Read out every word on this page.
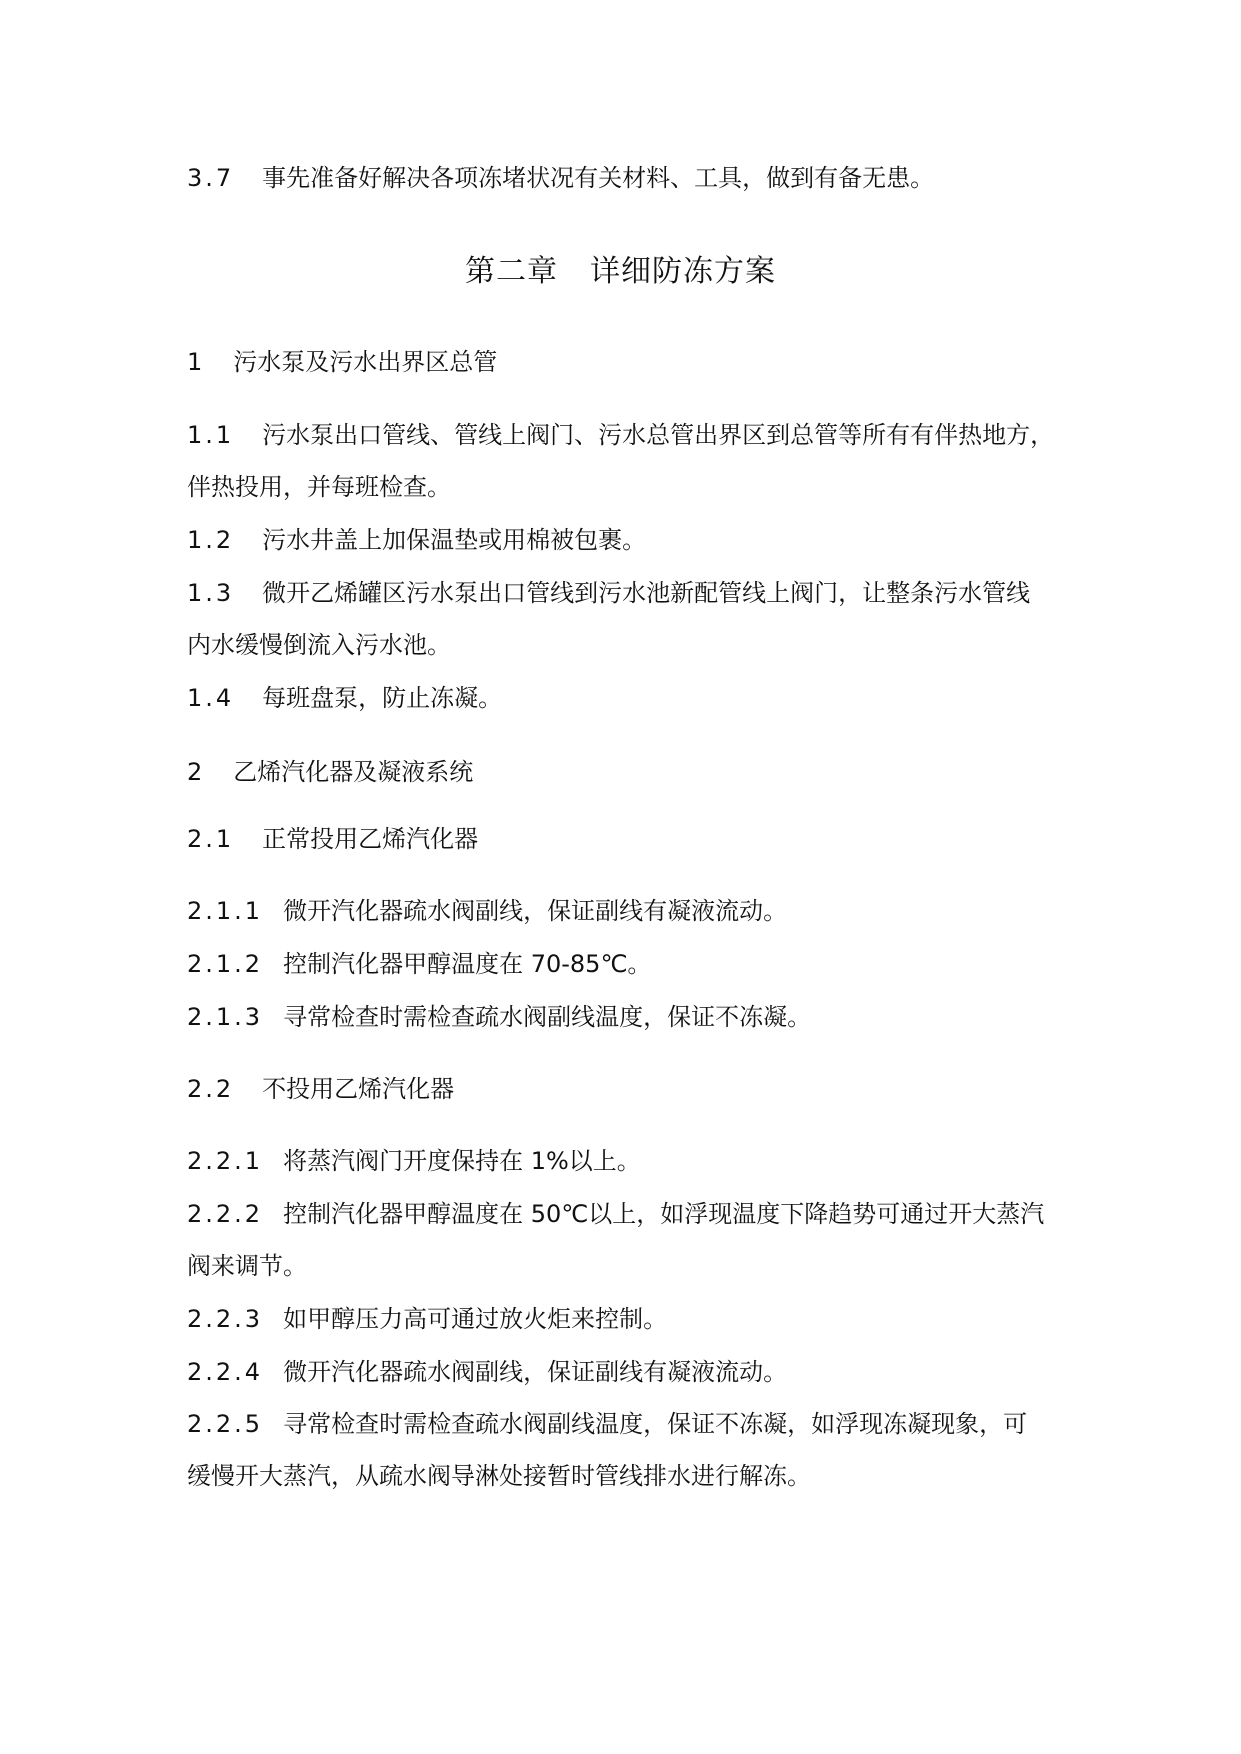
3.7 事先准备好解决各项冻堵状况有关材料、工具，做到有备无患。
第二章 详细防冻方案
1 污水泵及污水出界区总管
1.1 污水泵出口管线、管线上阀门、污水总管出界区到总管等所有有伴热地方，
伴热投用，并每班检查。
1.2 污水井盖上加保温垫或用棉被包裹。
1.3 微开乙烯罐区污水泵出口管线到污水池新配管线上阀门，让整条污水管线
内水缓慢倒流入污水池。
1.4 每班盘泵，防止冻凝。
2 乙烯汽化器及凝液系统
2.1 正常投用乙烯汽化器
2.1.1 微开汽化器疏水阀副线，保证副线有凝液流动。
2.1.2 控制汽化器甲醇温度在 70-85℃。
2.1.3 寻常检查时需检查疏水阀副线温度，保证不冻凝。
2.2 不投用乙烯汽化器
2.2.1 将蒸汽阀门开度保持在 1%以上。
2.2.2 控制汽化器甲醇温度在 50℃以上，如浮现温度下降趋势可通过开大蒸汽
阀来调节。
2.2.3 如甲醇压力高可通过放火炬来控制。
2.2.4 微开汽化器疏水阀副线，保证副线有凝液流动。
2.2.5 寻常检查时需检查疏水阀副线温度，保证不冻凝，如浮现冻凝现象，可
缓慢开大蒸汽，从疏水阀导淋处接暂时管线排水进行解冻。
